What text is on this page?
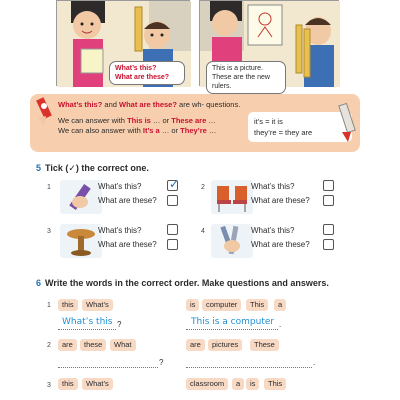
What’s this?
What are these?
This is a picture.
These are the new rulers.
What’s this? and What are these? are wh- questions.
We can answer with This is … or These are …
We can also answer with It’s a … or They’re …
it’s = it is
they’re = they are
5 Tick (✓) the correct one.
1	What’s this?
What are these?
✓	2	What’s this?
What are these?
3	What’s this?
What are these?
4	What’s this?
What are these?
6 Write the words in the correct order. Make questions and answers.
1	this	What’s	is	computer	This	a
What’s this ?	This is a computer .
2	are	these	What	are	pictures	These
?	.
3	this	What’s	classroom	a	is	This
